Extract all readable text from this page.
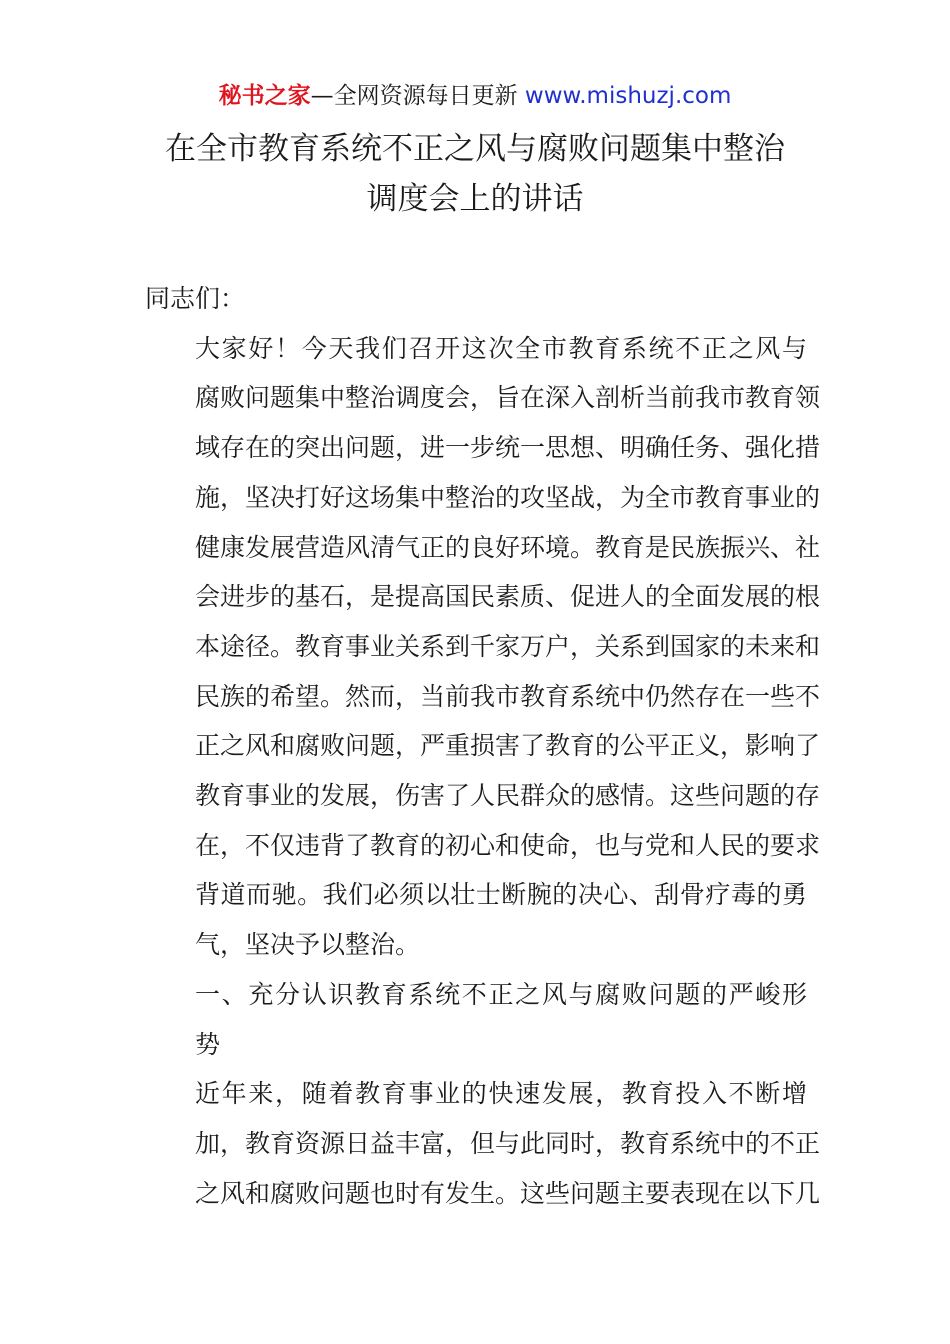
秘书之家—全网资源每日更新 www.mishuzj.com
在全市教育系统不正之风与腐败问题集中整治
调度会上的讲话

同志们：

大家好！今天我们召开这次全市教育系统不正之风与
腐败问题集中整治调度会，旨在深入剖析当前我市教育领
域存在的突出问题，进一步统一思想、明确任务、强化措
施，坚决打好这场集中整治的攻坚战，为全市教育事业的
健康发展营造风清气正的良好环境。教育是民族振兴、社
会进步的基石，是提高国民素质、促进人的全面发展的根
本途径。教育事业关系到千家万户，关系到国家的未来和
民族的希望。然而，当前我市教育系统中仍然存在一些不
正之风和腐败问题，严重损害了教育的公平正义，影响了
教育事业的发展，伤害了人民群众的感情。这些问题的存
在，不仅违背了教育的初心和使命，也与党和人民的要求
背道而驰。我们必须以壮士断腕的决心、刮骨疗毒的勇
气，坚决予以整治。

一、充分认识教育系统不正之风与腐败问题的严峻形
势

近年来，随着教育事业的快速发展，教育投入不断增
加，教育资源日益丰富，但与此同时，教育系统中的不正
之风和腐败问题也时有发生。这些问题主要表现在以下几
